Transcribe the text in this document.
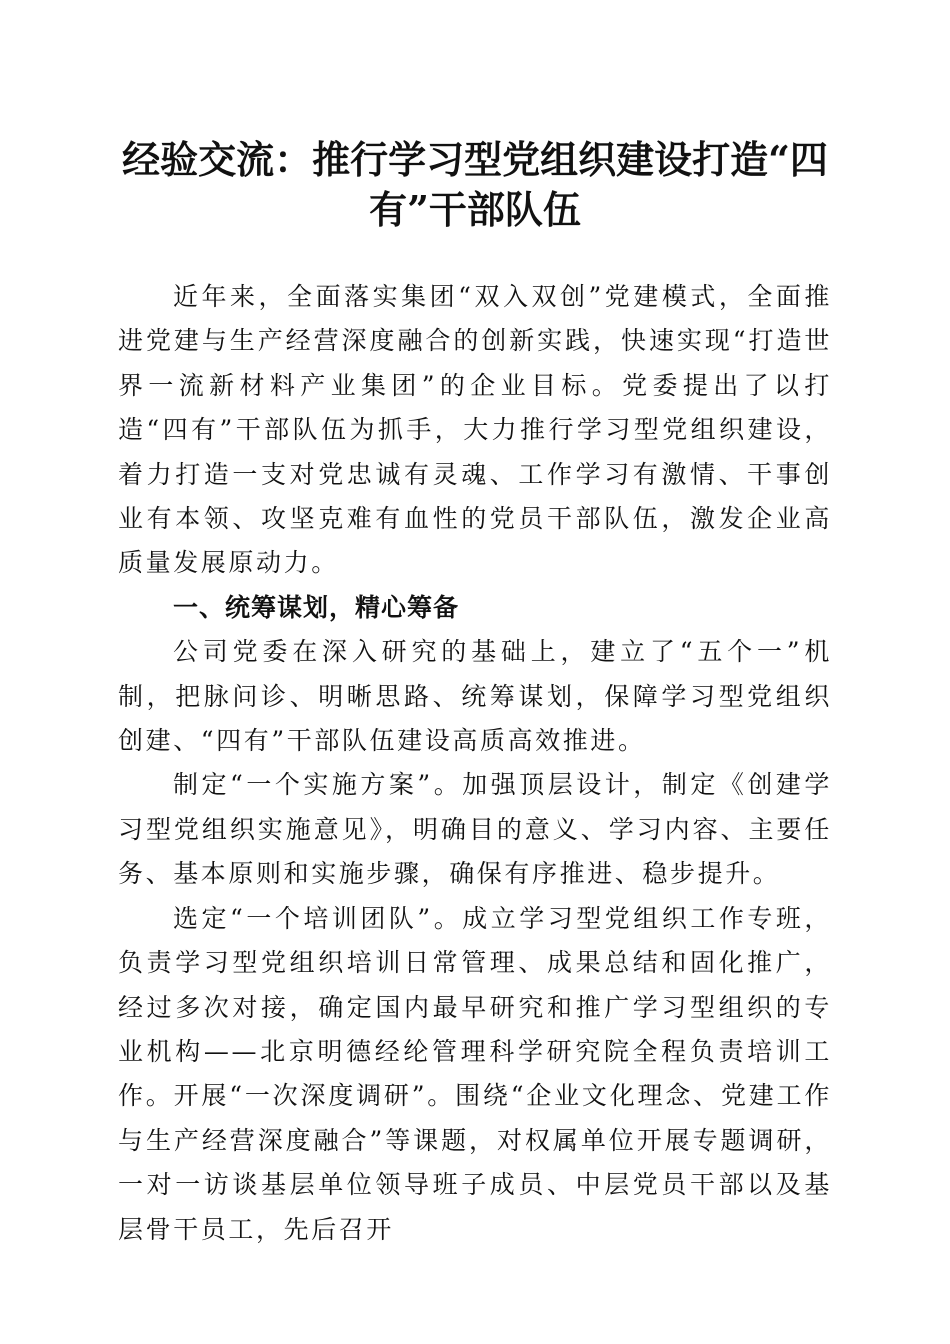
经验交流：推行学习型党组织建设打造“四有”干部队伍

近年来，全面落实集团“双入双创”党建模式，全面推进党建与生产经营深度融合的创新实践，快速实现“打造世界一流新材料产业集团”的企业目标。党委提出了以打造“四有”干部队伍为抓手，大力推行学习型党组织建设，着力打造一支对党忠诚有灵魂、工作学习有激情、干事创业有本领、攻坚克难有血性的党员干部队伍，激发企业高质量发展原动力。

一、统筹谋划，精心筹备

公司党委在深入研究的基础上，建立了“五个一”机制，把脉问诊、明晰思路、统筹谋划，保障学习型党组织创建、“四有”干部队伍建设高质高效推进。

制定“一个实施方案”。加强顶层设计，制定《创建学习型党组织实施意见》，明确目的意义、学习内容、主要任务、基本原则和实施步骤，确保有序推进、稳步提升。

选定“一个培训团队”。成立学习型党组织工作专班，负责学习型党组织培训日常管理、成果总结和固化推广，经过多次对接，确定国内最早研究和推广学习型组织的专业机构——北京明德经纶管理科学研究院全程负责培训工作。开展“一次深度调研”。围绕“企业文化理念、党建工作与生产经营深度融合”等课题，对权属单位开展专题调研，一对一访谈基层单位领导班子成员、中层党员干部以及基层骨干员工，先后召开
